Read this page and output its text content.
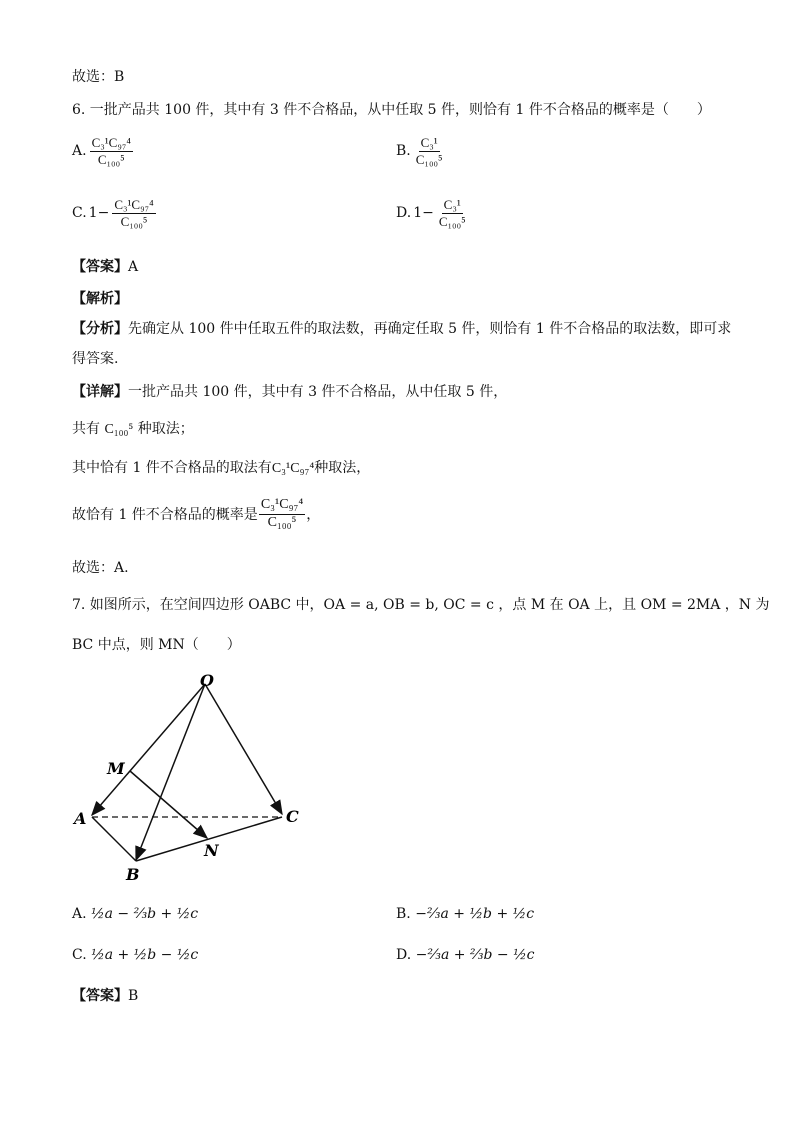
故选：B
6. 一批产品共 100 件，其中有 3 件不合格品，从中任取 5 件，则恰有 1 件不合格品的概率是（　　）
A. $\frac{\text{C₃¹C₉₇⁴}}{\text{C₁₀₀⁵}}$	B. $\frac{\text{C₃¹}}{\text{C₁₀₀⁵}}$
C. $1- \frac{\text{C₃¹C₉₇⁴}}{\text{C₁₀₀⁵}}$	D. $1- \frac{\text{C₃¹}}{\text{C₁₀₀⁵}}$
【答案】A
【解析】
【分析】先确定从 100 件中任取五件的取法数，再确定任取 5 件，则恰有 1 件不合格品的取法数，即可求
得答案.
【详解】一批产品共 100 件，其中有 3 件不合格品，从中任取 5 件，
共有 C₁₀₀⁵ 种取法；
其中恰有 1 件不合格品的取法有C₃¹C₉₇⁴种取法，
故恰有 1 件不合格品的概率是 $\frac{\text{C₃¹C₉₇⁴}}{\text{C₁₀₀⁵}}$ ，
故选：A.
7. 如图所示，在空间四边形 OABC 中，OA = a, OB = b, OC = c ，点 M 在 OA 上，且 OM = 2MA ，N 为
BC 中点，则 MN（　　）
O
M
A
B
C
N
A. ½a − ⅔b + ½c	B. −⅔a + ½b + ½c
C. ½a + ½b − ½c	D. −⅔a + ⅔b − ½c
【答案】B
